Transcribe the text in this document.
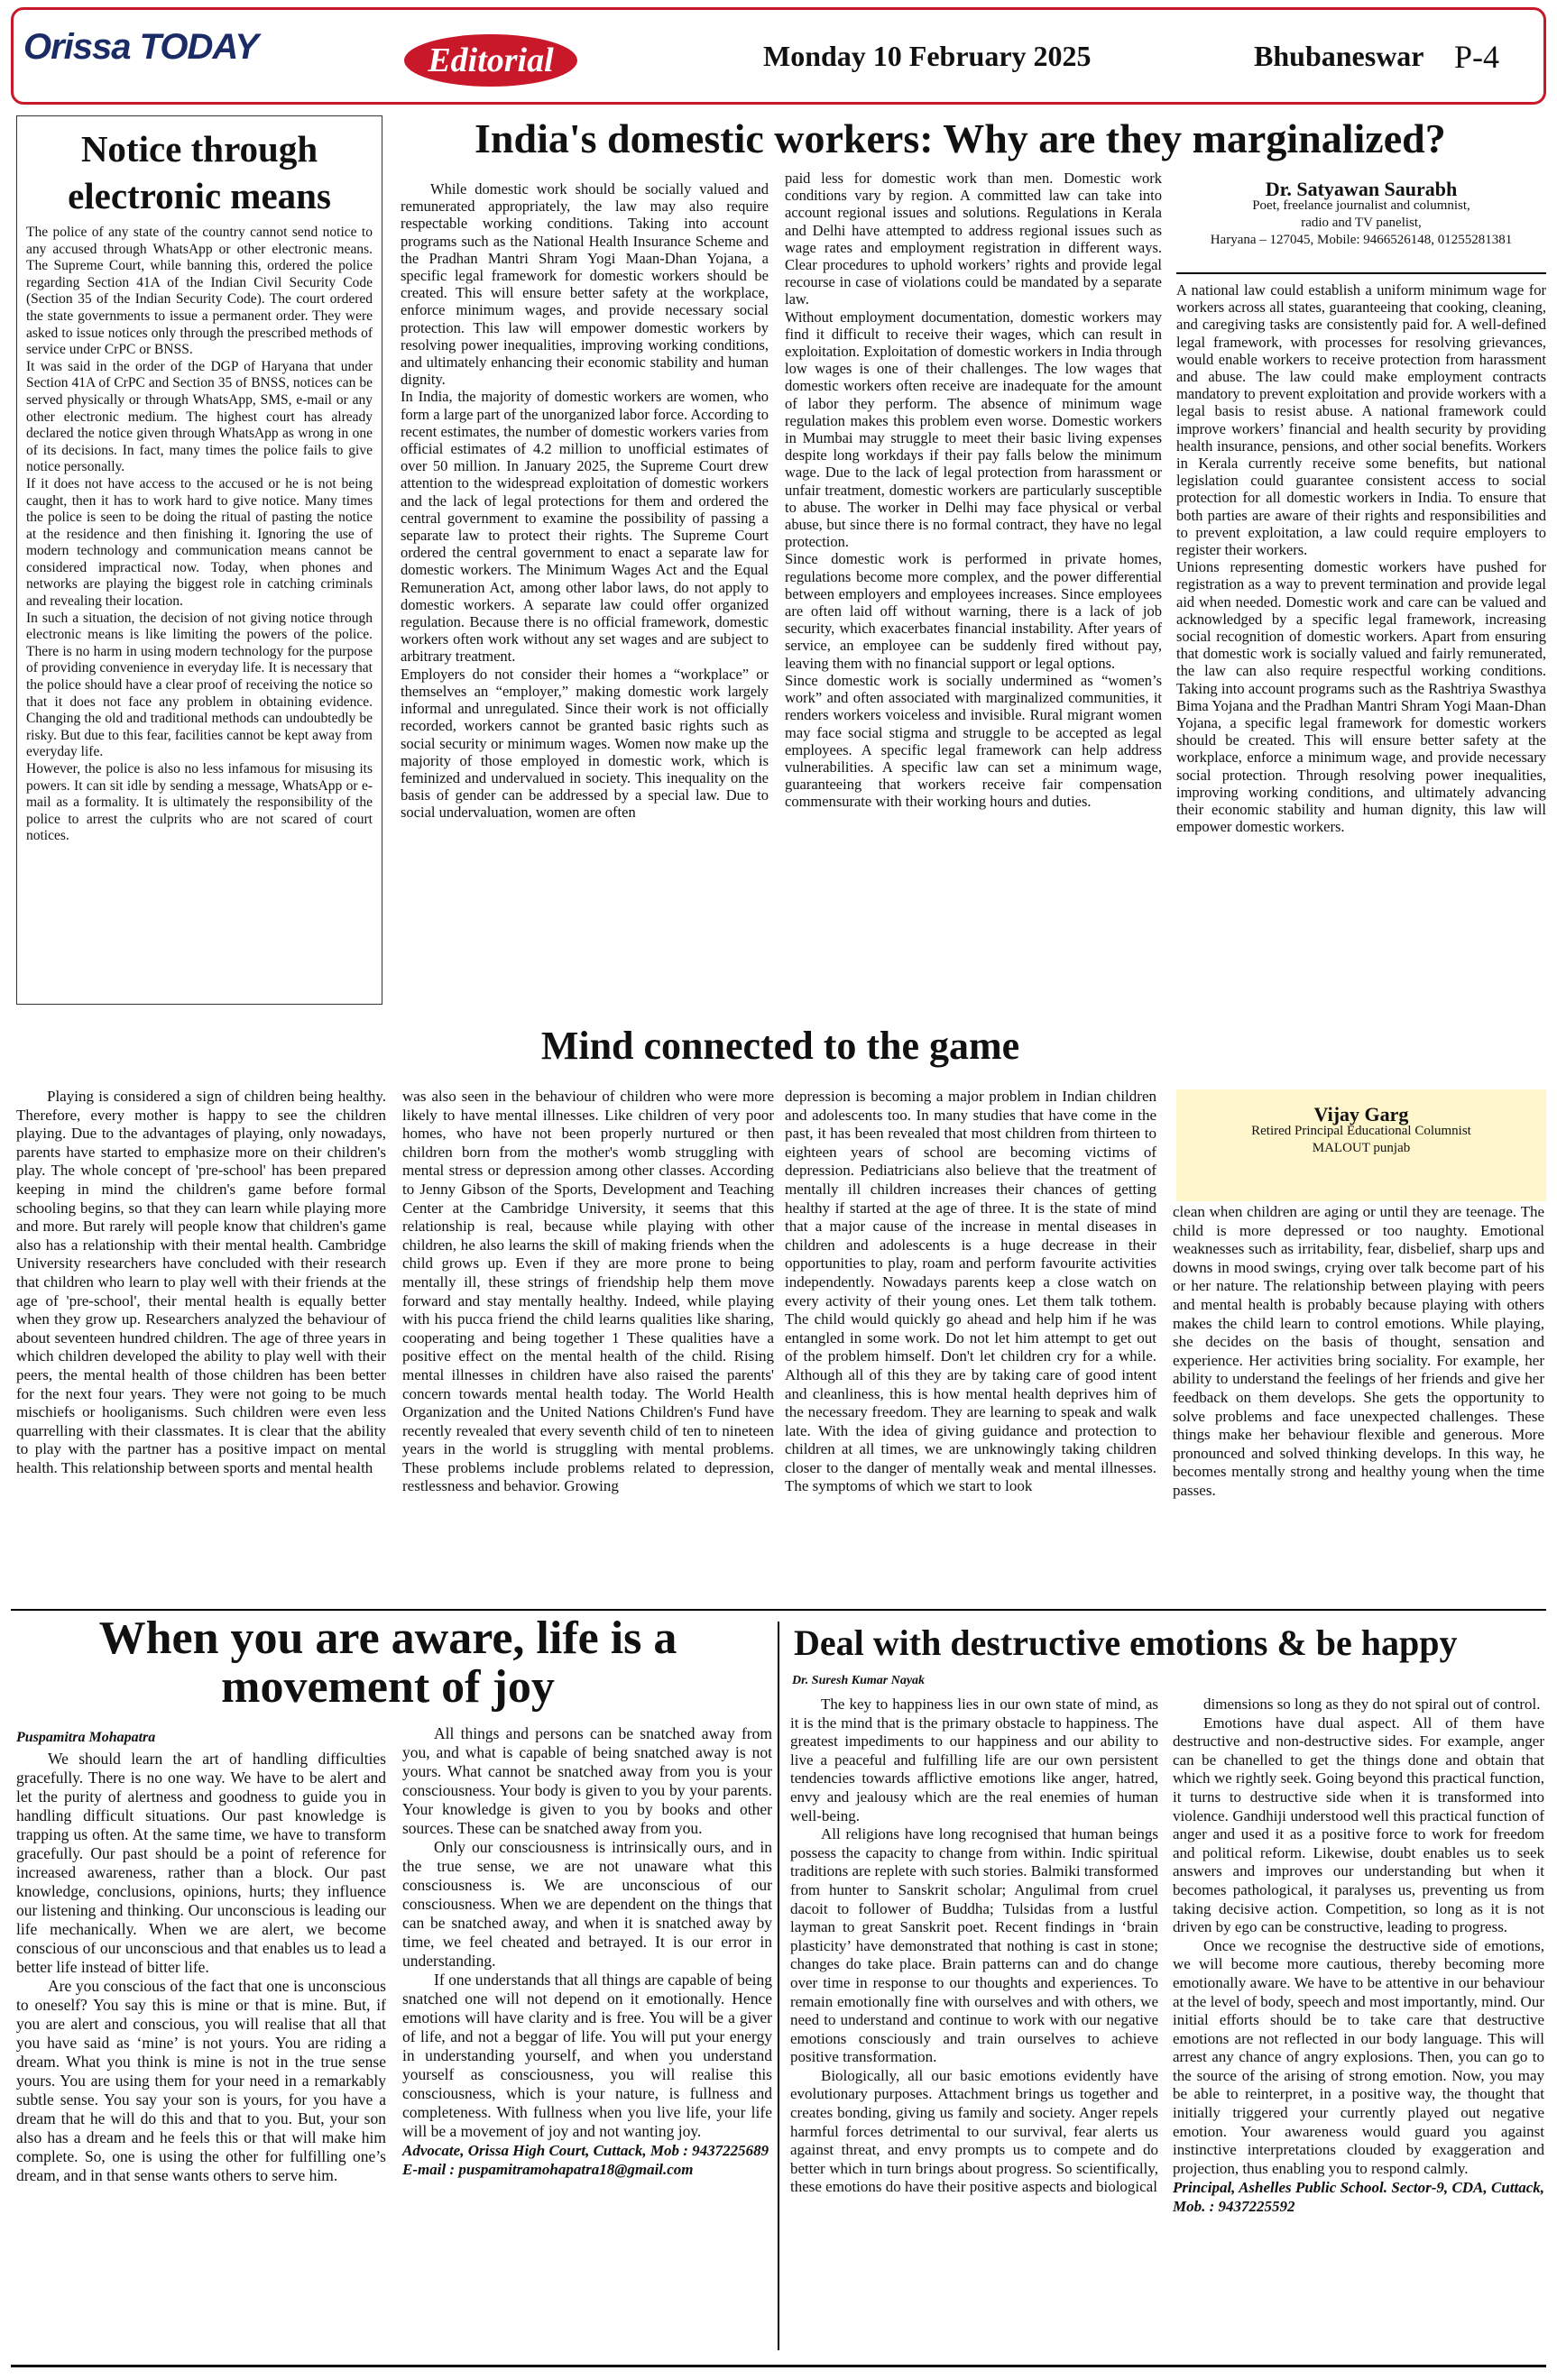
Orissa TODAY	Editorial	Monday 10 February 2025	Bhubaneswar P-4
Notice through electronic means

The police of any state of the country cannot send notice to any accused through WhatsApp or other electronic means. The Supreme Court, while banning this, ordered the police regarding Section 41A of the Indian Civil Security Code (Section 35 of the Indian Security Code). The court ordered the state governments to issue a permanent order. They were asked to issue notices only through the prescribed methods of service under CrPC or BNSS.

It was said in the order of the DGP of Haryana that under Section 41A of CrPC and Section 35 of BNSS, notices can be served physically or through WhatsApp, SMS, e-mail or any other electronic medium. The highest court has already declared the notice given through WhatsApp as wrong in one of its decisions. In fact, many times the police fails to give notice personally.

If it does not have access to the accused or he is not being caught, then it has to work hard to give notice. Many times the police is seen to be doing the ritual of pasting the notice at the residence and then finishing it. Ignoring the use of modern technology and communication means cannot be considered impractical now. Today, when phones and networks are playing the biggest role in catching criminals and revealing their location.

In such a situation, the decision of not giving notice through electronic means is like limiting the powers of the police. There is no harm in using modern technology for the purpose of providing convenience in everyday life. It is necessary that the police should have a clear proof of receiving the notice so that it does not face any problem in obtaining evidence. Changing the old and traditional methods can undoubtedly be risky. But due to this fear, facilities cannot be kept away from everyday life.

However, the police is also no less infamous for misusing its powers. It can sit idle by sending a message, WhatsApp or e-mail as a formality. It is ultimately the responsibility of the police to arrest the culprits who are not scared of court notices.

India's domestic workers: Why are they marginalized?

While domestic work should be socially valued and remunerated appropriately, the law may also require respectable working conditions. Taking into account programs such as the National Health Insurance Scheme and the Pradhan Mantri Shram Yogi Maan-Dhan Yojana, a specific legal framework for domestic workers should be created. This will ensure better safety at the workplace, enforce minimum wages, and provide necessary social protection. This law will empower domestic workers by resolving power inequalities, improving working conditions, and ultimately enhancing their economic stability and human dignity.

In India, the majority of domestic workers are women, who form a large part of the unorganized labor force. According to recent estimates, the number of domestic workers varies from official estimates of 4.2 million to unofficial estimates of over 50 million. In January 2025, the Supreme Court drew attention to the widespread exploitation of domestic workers and the lack of legal protections for them and ordered the central government to examine the possibility of passing a separate law to protect their rights. The Supreme Court ordered the central government to enact a separate law for domestic workers. The Minimum Wages Act and the Equal Remuneration Act, among other labor laws, do not apply to domestic workers. A separate law could offer organized regulation. Because there is no official framework, domestic workers often work without any set wages and are subject to arbitrary treatment.

Employers do not consider their homes a “workplace” or themselves an “employer,” making domestic work largely informal and unregulated. Since their work is not officially recorded, workers cannot be granted basic rights such as social security or minimum wages. Women now make up the majority of those employed in domestic work, which is feminized and undervalued in society. This inequality on the basis of gender can be addressed by a special law. Due to social undervaluation, women are often

paid less for domestic work than men. Domestic work conditions vary by region. A committed law can take into account regional issues and solutions. Regulations in Kerala and Delhi have attempted to address regional issues such as wage rates and employment registration in different ways. Clear procedures to uphold workers’ rights and provide legal recourse in case of violations could be mandated by a separate law.

Without employment documentation, domestic workers may find it difficult to receive their wages, which can result in exploitation. Exploitation of domestic workers in India through low wages is one of their challenges. The low wages that domestic workers often receive are inadequate for the amount of labor they perform. The absence of minimum wage regulation makes this problem even worse. Domestic workers in Mumbai may struggle to meet their basic living expenses despite long workdays if their pay falls below the minimum wage. Due to the lack of legal protection from harassment or unfair treatment, domestic workers are particularly susceptible to abuse. The worker in Delhi may face physical or verbal abuse, but since there is no formal contract, they have no legal protection.

Since domestic work is performed in private homes, regulations become more complex, and the power differential between employers and employees increases. Since employees are often laid off without warning, there is a lack of job security, which exacerbates financial instability. After years of service, an employee can be suddenly fired without pay, leaving them with no financial support or legal options.

Since domestic work is socially undermined as “women’s work” and often associated with marginalized communities, it renders workers voiceless and invisible. Rural migrant women may face social stigma and struggle to be accepted as legal employees. A specific legal framework can help address vulnerabilities. A specific law can set a minimum wage, guaranteeing that workers receive fair compensation commensurate with their working hours and duties.

Dr. Satyawan Saurabh
Poet, freelance journalist and columnist,
radio and TV panelist,
Haryana – 127045, Mobile: 9466526148, 01255281381

A national law could establish a uniform minimum wage for workers across all states, guaranteeing that cooking, cleaning, and caregiving tasks are consistently paid for. A well-defined legal framework, with processes for resolving grievances, would enable workers to receive protection from harassment and abuse. The law could make employment contracts mandatory to prevent exploitation and provide workers with a legal basis to resist abuse. A national framework could improve workers’ financial and health security by providing health insurance, pensions, and other social benefits. Workers in Kerala currently receive some benefits, but national legislation could guarantee consistent access to social protection for all domestic workers in India. To ensure that both parties are aware of their rights and responsibilities and to prevent exploitation, a law could require employers to register their workers.

Unions representing domestic workers have pushed for registration as a way to prevent termination and provide legal aid when needed. Domestic work and care can be valued and acknowledged by a specific legal framework, increasing social recognition of domestic workers. Apart from ensuring that domestic work is socially valued and fairly remunerated, the law can also require respectful working conditions. Taking into account programs such as the Rashtriya Swasthya Bima Yojana and the Pradhan Mantri Shram Yogi Maan-Dhan Yojana, a specific legal framework for domestic workers should be created. This will ensure better safety at the workplace, enforce a minimum wage, and provide necessary social protection. Through resolving power inequalities, improving working conditions, and ultimately advancing their economic stability and human dignity, this law will empower domestic workers.

Mind connected to the game

Playing is considered a sign of children being healthy. Therefore, every mother is happy to see the children playing. Due to the advantages of playing, only nowadays, parents have started to emphasize more on their children's play. The whole concept of 'pre-school' has been prepared keeping in mind the children's game before formal schooling begins, so that they can learn while playing more and more. But rarely will people know that children's game also has a relationship with their mental health. Cambridge University researchers have concluded with their research that children who learn to play well with their friends at the age of 'pre-school', their mental health is equally better when they grow up. Researchers analyzed the behaviour of about seventeen hundred children. The age of three years in which children developed the ability to play well with their peers, the mental health of those children has been better for the next four years. They were not going to be much mischiefs or hooliganisms. Such children were even less quarrelling with their classmates. It is clear that the ability to play with the partner has a positive impact on mental health. This relationship between sports and mental health

was also seen in the behaviour of children who were more likely to have mental illnesses. Like children of very poor homes, who have not been properly nurtured or then children born from the mother's womb struggling with mental stress or depression among other classes. According to Jenny Gibson of the Sports, Development and Teaching Center at the Cambridge University, it seems that this relationship is real, because while playing with other children, he also learns the skill of making friends when the child grows up. Even if they are more prone to being mentally ill, these strings of friendship help them move forward and stay mentally healthy. Indeed, while playing with his pucca friend the child learns qualities like sharing, cooperating and being together 1 These qualities have a positive effect on the mental health of the child. Rising mental illnesses in children have also raised the parents' concern towards mental health today. The World Health Organization and the United Nations Children's Fund have recently revealed that every seventh child of ten to nineteen years in the world is struggling with mental problems. These problems include problems related to depression, restlessness and behavior. Growing

depression is becoming a major problem in Indian children and adolescents too. In many studies that have come in the past, it has been revealed that most children from thirteen to eighteen years of school are becoming victims of depression. Pediatricians also believe that the treatment of mentally ill children increases their chances of getting healthy if started at the age of three. It is the state of mind that a major cause of the increase in mental diseases in children and adolescents is a huge decrease in their opportunities to play, roam and perform favourite activities independently. Nowadays parents keep a close watch on every activity of their young ones. Let them talk tothem. The child would quickly go ahead and help him if he was entangled in some work. Do not let him attempt to get out of the problem himself. Don't let children cry for a while. Although all of this they are by taking care of good intent and cleanliness, this is how mental health deprives him of the necessary freedom. They are learning to speak and walk late. With the idea of giving guidance and protection to children at all times, we are unknowingly taking children closer to the danger of mentally weak and mental illnesses. The symptoms of which we start to look

Vijay Garg
Retired Principal Educational Columnist
MALOUT punjab

clean when children are aging or until they are teenage. The child is more depressed or too naughty. Emotional weaknesses such as irritability, fear, disbelief, sharp ups and downs in mood swings, crying over talk become part of his or her nature. The relationship between playing with peers and mental health is probably because playing with others makes the child learn to control emotions. While playing, she decides on the basis of thought, sensation and experience. Her activities bring sociality. For example, her ability to understand the feelings of her friends and give her feedback on them develops. She gets the opportunity to solve problems and face unexpected challenges. These things make her behaviour flexible and generous. More pronounced and solved thinking develops. In this way, he becomes mentally strong and healthy young when the time passes.

When you are aware, life is a movement of joy
Puspamitra Mohapatra

We should learn the art of handling difficulties gracefully. There is no one way. We have to be alert and let the purity of alertness and goodness to guide you in handling difficult situations. Our past knowledge is trapping us often. At the same time, we have to transform gracefully. Our past should be a point of reference for increased awareness, rather than a block. Our past knowledge, conclusions, opinions, hurts; they influence our listening and thinking. Our unconscious is leading our life mechanically. When we are alert, we become conscious of our unconscious and that enables us to lead a better life instead of bitter life.

Are you conscious of the fact that one is unconscious to oneself? You say this is mine or that is mine. But, if you are alert and conscious, you will realise that all that you have said as ‘mine’ is not yours. You are riding a dream. What you think is mine is not in the true sense yours. You are using them for your need in a remarkably subtle sense. You say your son is yours, for you have a dream that he will do this and that to you. But, your son also has a dream and he feels this or that will make him complete. So, one is using the other for fulfilling one’s dream, and in that sense wants others to serve him.

All things and persons can be snatched away from you, and what is capable of being snatched away is not yours. What cannot be snatched away from you is your consciousness. Your body is given to you by your parents. Your knowledge is given to you by books and other sources. These can be snatched away from you.

Only our consciousness is intrinsically ours, and in the true sense, we are not unaware what this consciousness is. We are unconscious of our consciousness. When we are dependent on the things that can be snatched away, and when it is snatched away by time, we feel cheated and betrayed. It is our error in understanding.

If one understands that all things are capable of being snatched one will not depend on it emotionally. Hence emotions will have clarity and is free. You will be a giver of life, and not a beggar of life. You will put your energy in understanding yourself, and when you understand yourself as consciousness, you will realise this consciousness, which is your nature, is fullness and completeness. With fullness when you live life, your life will be a movement of joy and not wanting joy.

Advocate, Orissa High Court, Cuttack, Mob : 9437225689

E-mail : puspamitramohapatra18@gmail.com

Deal with destructive emotions & be happy
Dr. Suresh Kumar Nayak

The key to happiness lies in our own state of mind, as it is the mind that is the primary obstacle to happiness. The greatest impediments to our happiness and our ability to live a peaceful and fulfilling life are our own persistent tendencies towards afflictive emotions like anger, hatred, envy and jealousy which are the real enemies of human well-being.

All religions have long recognised that human beings possess the capacity to change from within. Indic spiritual traditions are replete with such stories. Balmiki transformed from hunter to Sanskrit scholar; Angulimal from cruel dacoit to follower of Buddha; Tulsidas from a lustful layman to great Sanskrit poet. Recent findings in ‘brain plasticity’ have demonstrated that nothing is cast in stone; changes do take place. Brain patterns can and do change over time in response to our thoughts and experiences. To remain emotionally fine with ourselves and with others, we need to understand and continue to work with our negative emotions consciously and train ourselves to achieve positive transformation.

Biologically, all our basic emotions evidently have evolutionary purposes. Attachment brings us together and creates bonding, giving us family and society. Anger repels harmful forces detrimental to our survival, fear alerts us against threat, and envy prompts us to compete and do better which in turn brings about progress. So scientifically, these emotions do have their positive aspects and biological

dimensions so long as they do not spiral out of control.

Emotions have dual aspect. All of them have destructive and non-destructive sides. For example, anger can be chanelled to get the things done and obtain that which we rightly seek. Going beyond this practical function, it turns to destructive side when it is transformed into violence. Gandhiji understood well this practical function of anger and used it as a positive force to work for freedom and political reform. Likewise, doubt enables us to seek answers and improves our understanding but when it becomes pathological, it paralyses us, preventing us from taking decisive action. Competition, so long as it is not driven by ego can be constructive, leading to progress.

Once we recognise the destructive side of emotions, we will become more cautious, thereby becoming more emotionally aware. We have to be attentive in our behaviour at the level of body, speech and most importantly, mind. Our initial efforts should be to take care that destructive emotions are not reflected in our body language. This will arrest any chance of angry explosions. Then, you can go to the source of the arising of strong emotion. Now, you may be able to reinterpret, in a positive way, the thought that initially triggered your currently played out negative emotion. Your awareness would guard you against instinctive interpretations clouded by exaggeration and projection, thus enabling you to respond calmly.

Principal, Ashelles Public School. Sector-9, CDA, Cuttack, Mob. : 9437225592
